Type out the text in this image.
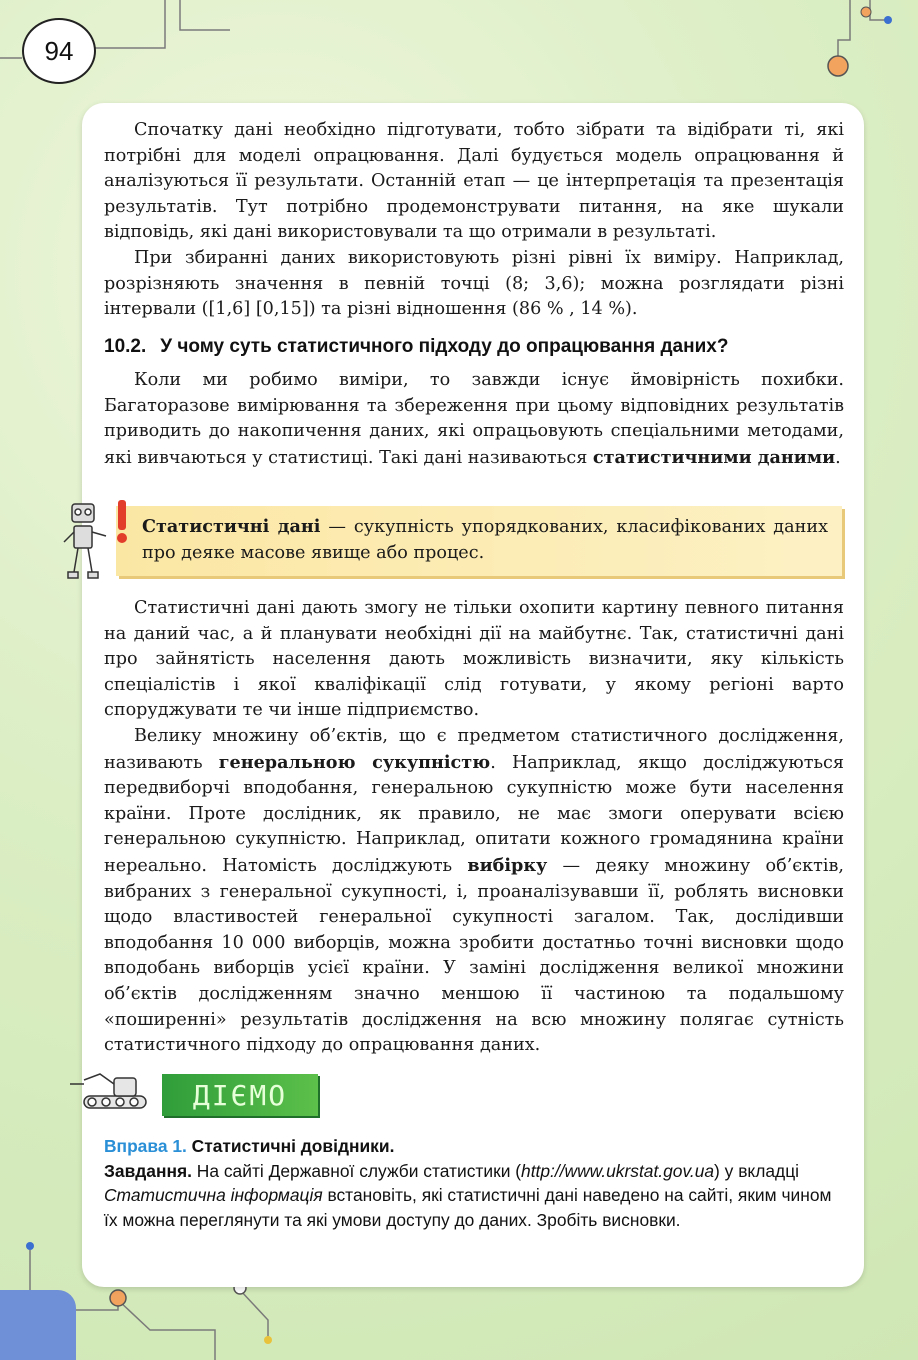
94

Спочатку дані необхідно підготувати, тобто зібрати та відібрати ті, які потрібні для моделі опрацювання. Далі будується модель опрацювання й аналізуються її результати. Останній етап — це інтерпретація та презентація результатів. Тут потрібно продемонструвати питання, на яке шукали відповідь, які дані використовували та що отримали в результаті.

При збиранні даних використовують різні рівні їх виміру. Наприклад, розрізняють значення в певній точці (8; 3,6); можна розглядати різні інтервали ([1,6] [0,15]) та різні відношення (86 % , 14 %).

10.2. У чому суть статистичного підходу до опрацювання даних?

Коли ми робимо виміри, то завжди існує ймовірність похибки. Багаторазове вимірювання та збереження при цьому відповідних результатів приводить до накопичення даних, які опрацьовують спеціальними методами, які вивчаються у статистиці. Такі дані називаються статистичними даними.

Статистичні дані — сукупність упорядкованих, класифікованих даних про деяке масове явище або процес.

Статистичні дані дають змогу не тільки охопити картину певного питання на даний час, а й планувати необхідні дії на майбутнє. Так, статистичні дані про зайнятість населення дають можливість визначити, яку кількість спеціалістів і якої кваліфікації слід готувати, у якому регіоні варто споруджувати те чи інше підприємство.

Велику множину об’єктів, що є предметом статистичного дослідження, називають генеральною сукупністю. Наприклад, якщо досліджуються передвиборчі вподобання, генеральною сукупністю може бути населення країни. Проте дослідник, як правило, не має змоги оперувати всією генеральною сукупністю. Наприклад, опитати кожного громадянина країни нереально. Натомість досліджують вибірку — деяку множину об’єктів, вибраних з генеральної сукупності, і, проаналізувавши її, роблять висновки щодо властивостей генеральної сукупності загалом. Так, дослідивши вподобання 10 000 виборців, можна зробити достатньо точні висновки щодо вподобань виборців усієї країни. У заміні дослідження великої множини об’єктів дослідженням значно меншою її частиною та подальшому «поширенні» результатів дослідження на всю множину полягає сутність статистичного підходу до опрацювання даних.

ДІЄМО
Вправа 1. Статистичні довідники.
Завдання. На сайті Державної служби статистики (http://www.ukrstat.gov.ua) у вкладці Статистична інформація встановіть, які статистичні дані наведено на сайті, яким чином їх можна переглянути та які умови доступу до даних. Зробіть висновки.
